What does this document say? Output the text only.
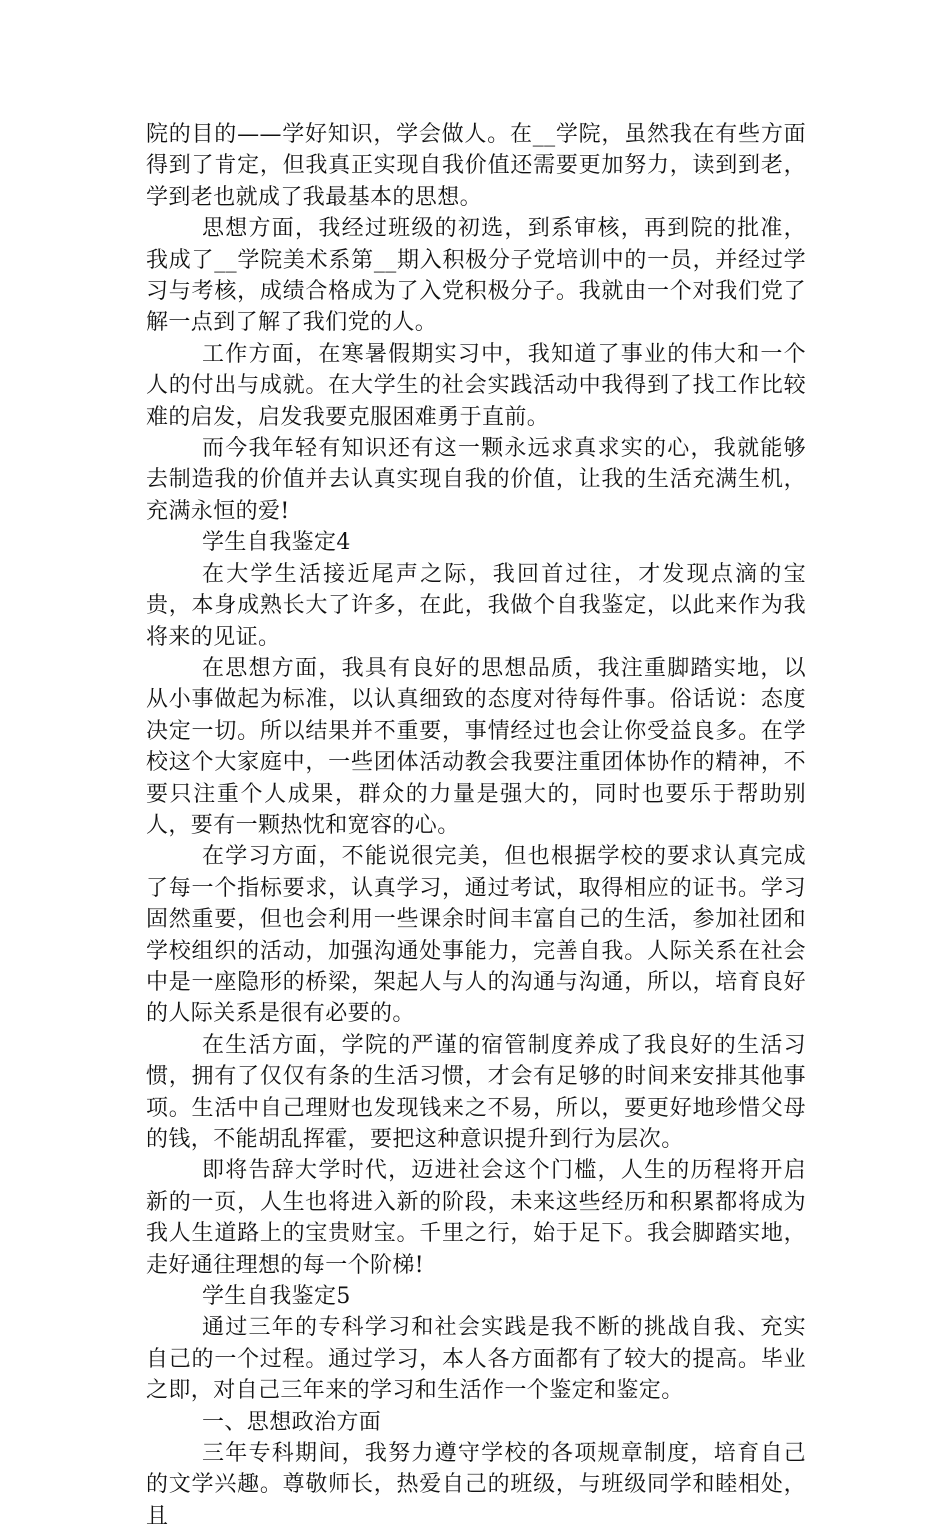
院的目的——学好知识，学会做人。在__学院，虽然我在有些方面得到了肯定，但我真正实现自我价值还需要更加努力，读到到老，学到老也就成了我最基本的思想。

思想方面，我经过班级的初选，到系审核，再到院的批准，我成了__学院美术系第__期入积极分子党培训中的一员，并经过学习与考核，成绩合格成为了入党积极分子。我就由一个对我们党了解一点到了解了我们党的人。

工作方面，在寒暑假期实习中，我知道了事业的伟大和一个人的付出与成就。在大学生的社会实践活动中我得到了找工作比较难的启发，启发我要克服困难勇于直前。

而今我年轻有知识还有这一颗永远求真求实的心，我就能够去制造我的价值并去认真实现自我的价值，让我的生活充满生机，充满永恒的爱!

学生自我鉴定4

在大学生活接近尾声之际，我回首过往，才发现点滴的宝贵，本身成熟长大了许多，在此，我做个自我鉴定，以此来作为我将来的见证。

在思想方面，我具有良好的思想品质，我注重脚踏实地，以从小事做起为标准，以认真细致的态度对待每件事。俗话说：态度决定一切。所以结果并不重要，事情经过也会让你受益良多。在学校这个大家庭中，一些团体活动教会我要注重团体协作的精神，不要只注重个人成果，群众的力量是强大的，同时也要乐于帮助别人，要有一颗热忱和宽容的心。

在学习方面，不能说很完美，但也根据学校的要求认真完成了每一个指标要求，认真学习，通过考试，取得相应的证书。学习固然重要，但也会利用一些课余时间丰富自己的生活，参加社团和学校组织的活动，加强沟通处事能力，完善自我。人际关系在社会中是一座隐形的桥梁，架起人与人的沟通与沟通，所以，培育良好的人际关系是很有必要的。

在生活方面，学院的严谨的宿管制度养成了我良好的生活习惯，拥有了仅仅有条的生活习惯，才会有足够的时间来安排其他事项。生活中自己理财也发现钱来之不易，所以，要更好地珍惜父母的钱，不能胡乱挥霍，要把这种意识提升到行为层次。

即将告辞大学时代，迈进社会这个门槛，人生的历程将开启新的一页，人生也将进入新的阶段，未来这些经历和积累都将成为我人生道路上的宝贵财宝。千里之行，始于足下。我会脚踏实地，走好通往理想的每一个阶梯!

学生自我鉴定5

通过三年的专科学习和社会实践是我不断的挑战自我、充实自己的一个过程。通过学习，本人各方面都有了较大的提高。毕业之即，对自己三年来的学习和生活作一个鉴定和鉴定。

一、思想政治方面

三年专科期间，我努力遵守学校的各项规章制度，培育自己的文学兴趣。尊敬师长，热爱自己的班级，与班级同学和睦相处，且
